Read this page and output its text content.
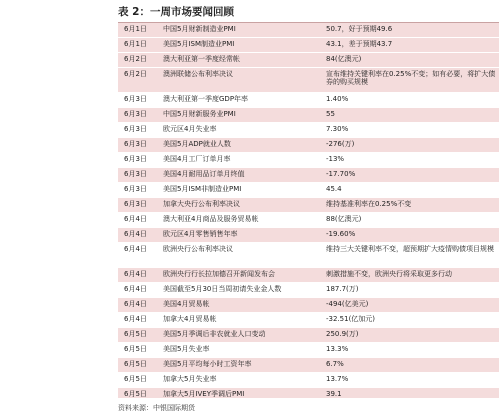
表 2：一周市场要闻回顾
6月1日	中国5月财新制造业PMI	50.7，好于预期49.6
6月1日	美国5月ISM制造业PMI	43.1，差于预期43.7
6月2日	澳大利亚第一季度经常帐	84(亿澳元)
6月2日	澳洲联储公布利率决议	宣布维持关键利率在0.25%不变；如有必要，将扩大债券的购买规模
6月3日	澳大利亚第一季度GDP年率	1.40%
6月3日	中国5月财新服务业PMI	55
6月3日	欧元区4月失业率	7.30%
6月3日	美国5月ADP就业人数	-276(万)
6月3日	美国4月工厂订单月率	-13%
6月3日	美国4月耐用品订单月终值	-17.70%
6月3日	美国5月ISM非制造业PMI	45.4
6月3日	加拿大央行公布利率决议	维持基准利率在0.25%不变
6月4日	澳大利亚4月商品及服务贸易帐	88(亿澳元)
6月4日	欧元区4月零售销售年率	-19.60%
6月4日	欧洲央行公布利率决议	维持三大关键利率不变，超预期扩大疫情购债项目规模
6月4日	欧洲央行行长拉加德召开新闻发布会	刺激措施不变，欧洲央行将采取更多行动
6月4日	美国截至5月30日当周初请失业金人数	187.7(万)
6月4日	美国4月贸易帐	-494(亿美元)
6月4日	加拿大4月贸易帐	-32.51(亿加元)
6月5日	美国5月季调后非农就业人口变动	250.9(万)
6月5日	美国5月失业率	13.3%
6月5日	美国5月平均每小时工资年率	6.7%
6月5日	加拿大5月失业率	13.7%
6月5日	加拿大5月IVEY季调后PMI	39.1

资料来源：中银国际期货
